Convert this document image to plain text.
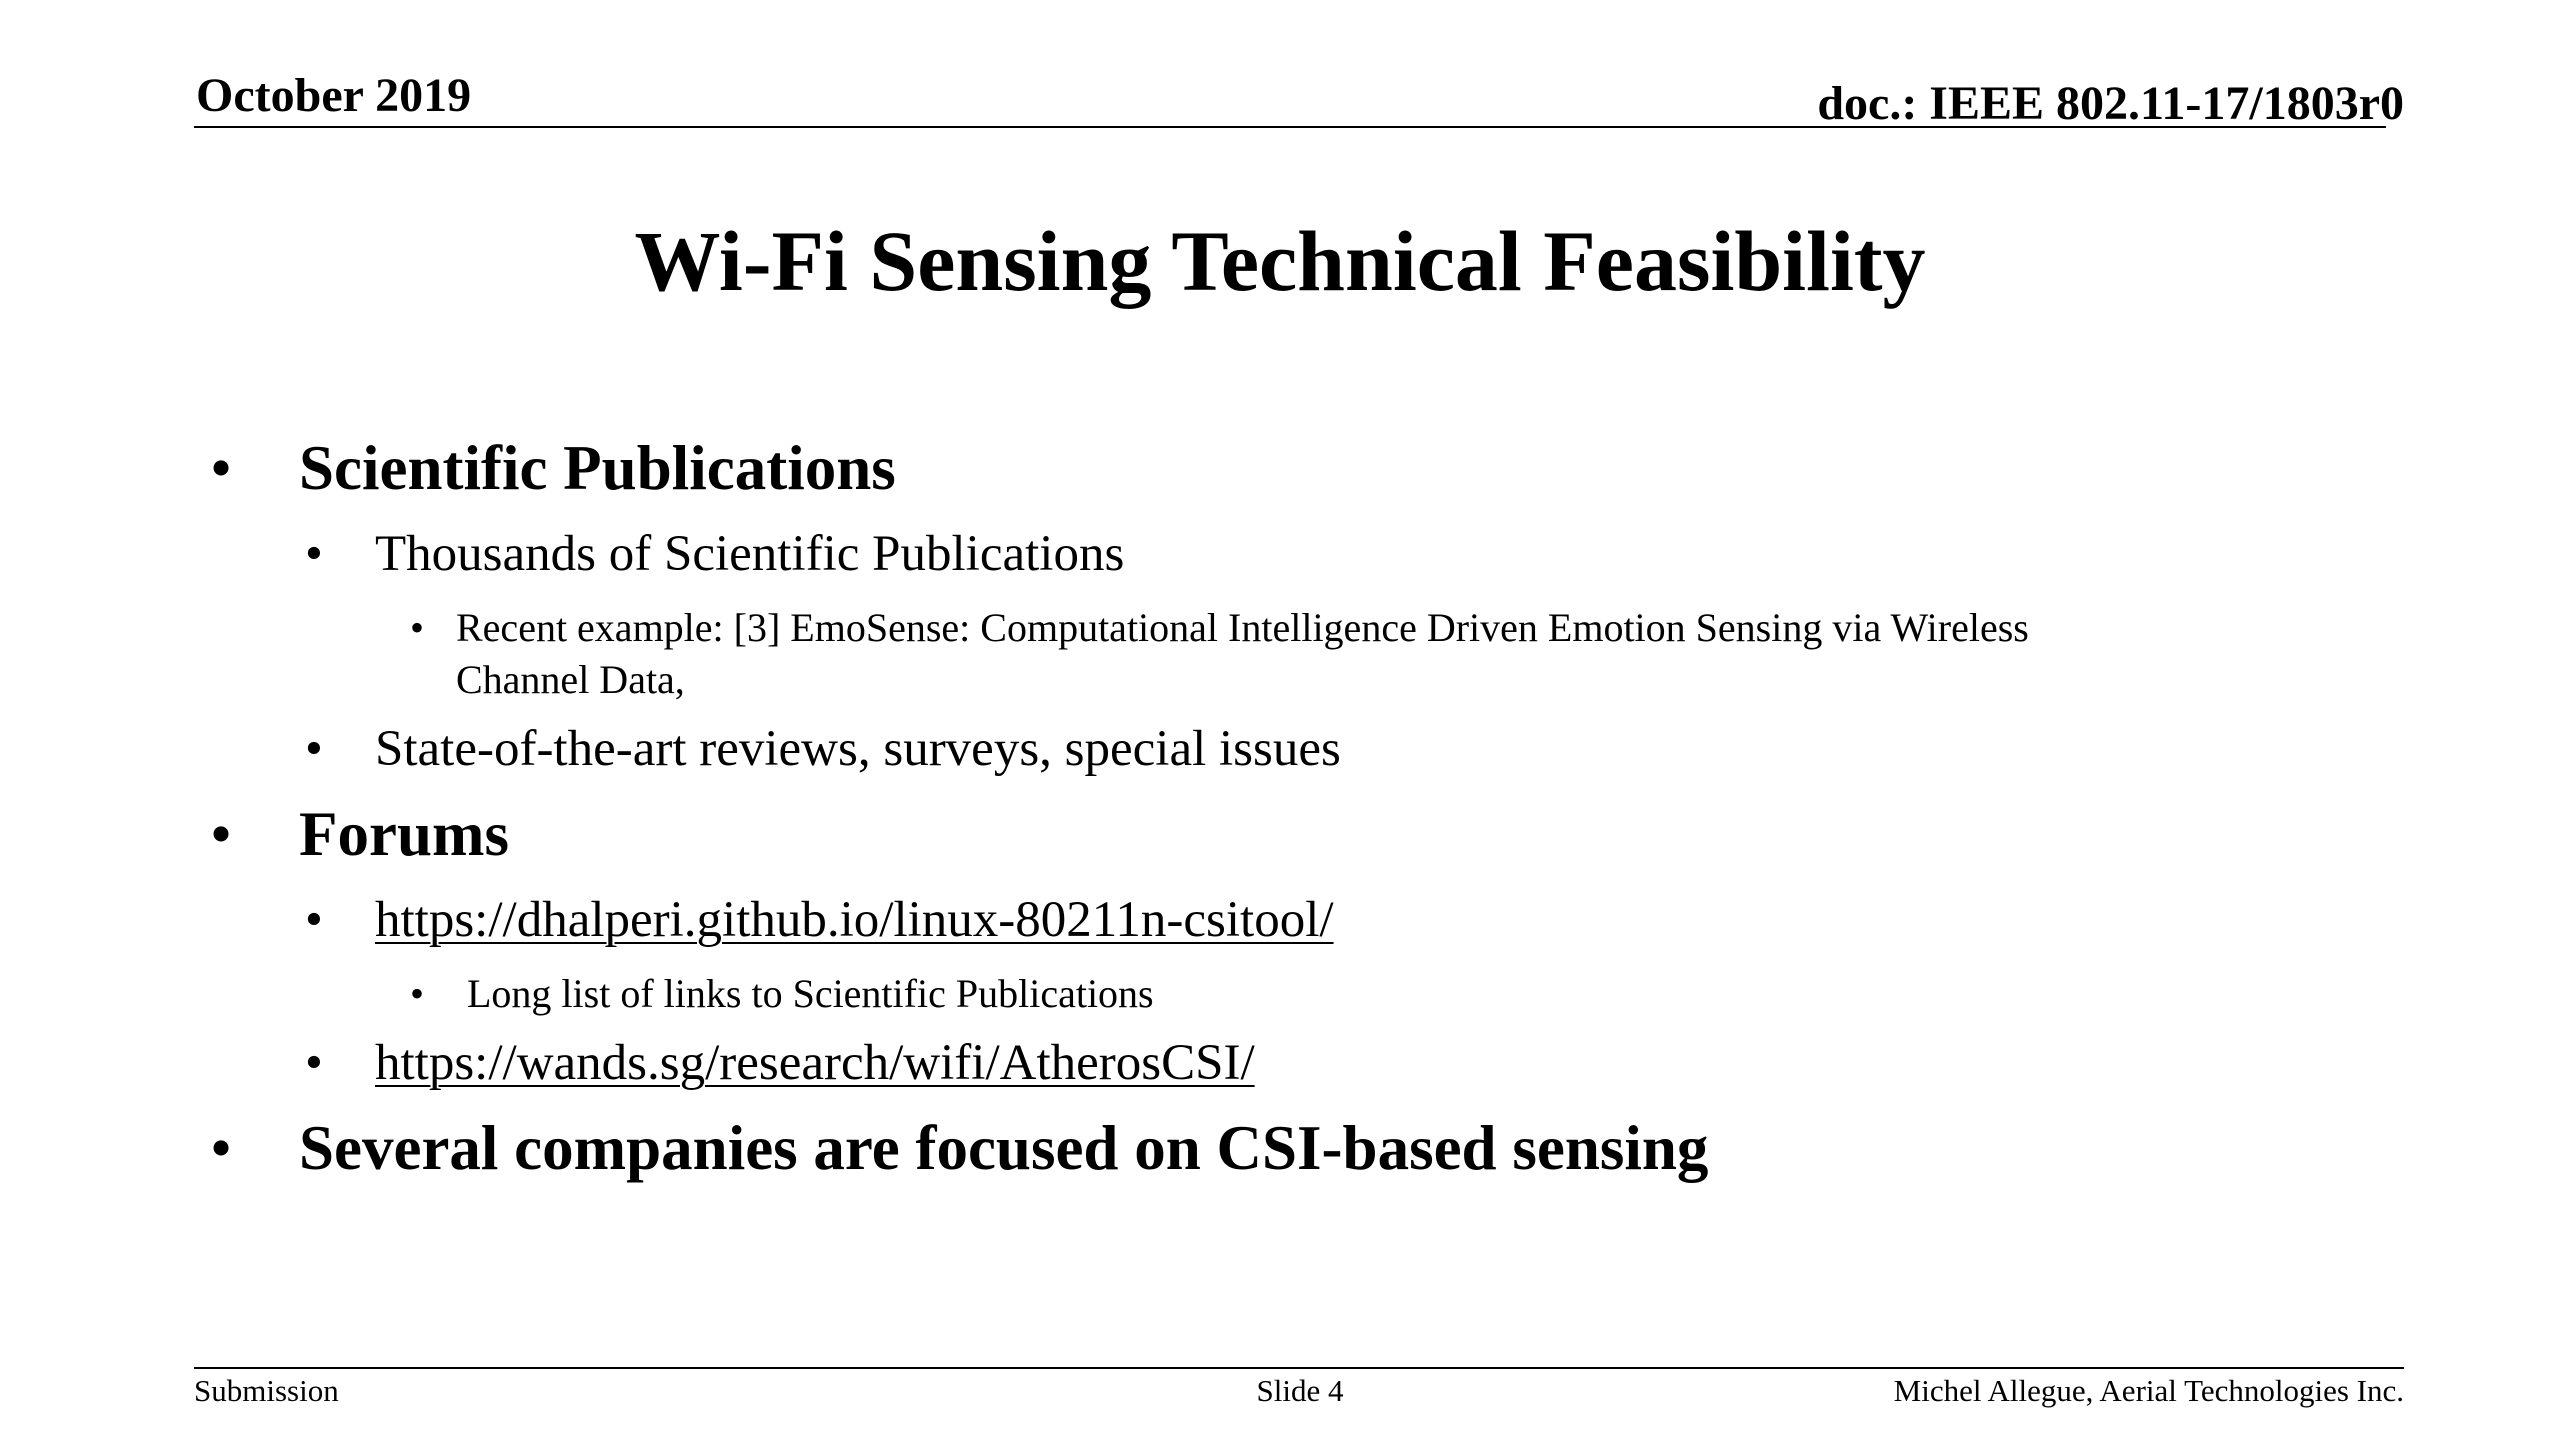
October 2019	doc.: IEEE 802.11-17/1803r0
Wi-Fi Sensing Technical Feasibility
• Scientific Publications
• Thousands of Scientific Publications
• Recent example: [3] EmoSense: Computational Intelligence Driven Emotion Sensing via Wireless
Channel Data,
• State-of-the-art reviews, surveys, special issues
• Forums
• https://dhalperi.github.io/linux-80211n-csitool/
• Long list of links to Scientific Publications
• https://wands.sg/research/wifi/AtherosCSI/
• Several companies are focused on CSI-based sensing
Submission	Slide 4	Michel Allegue, Aerial Technologies Inc.
